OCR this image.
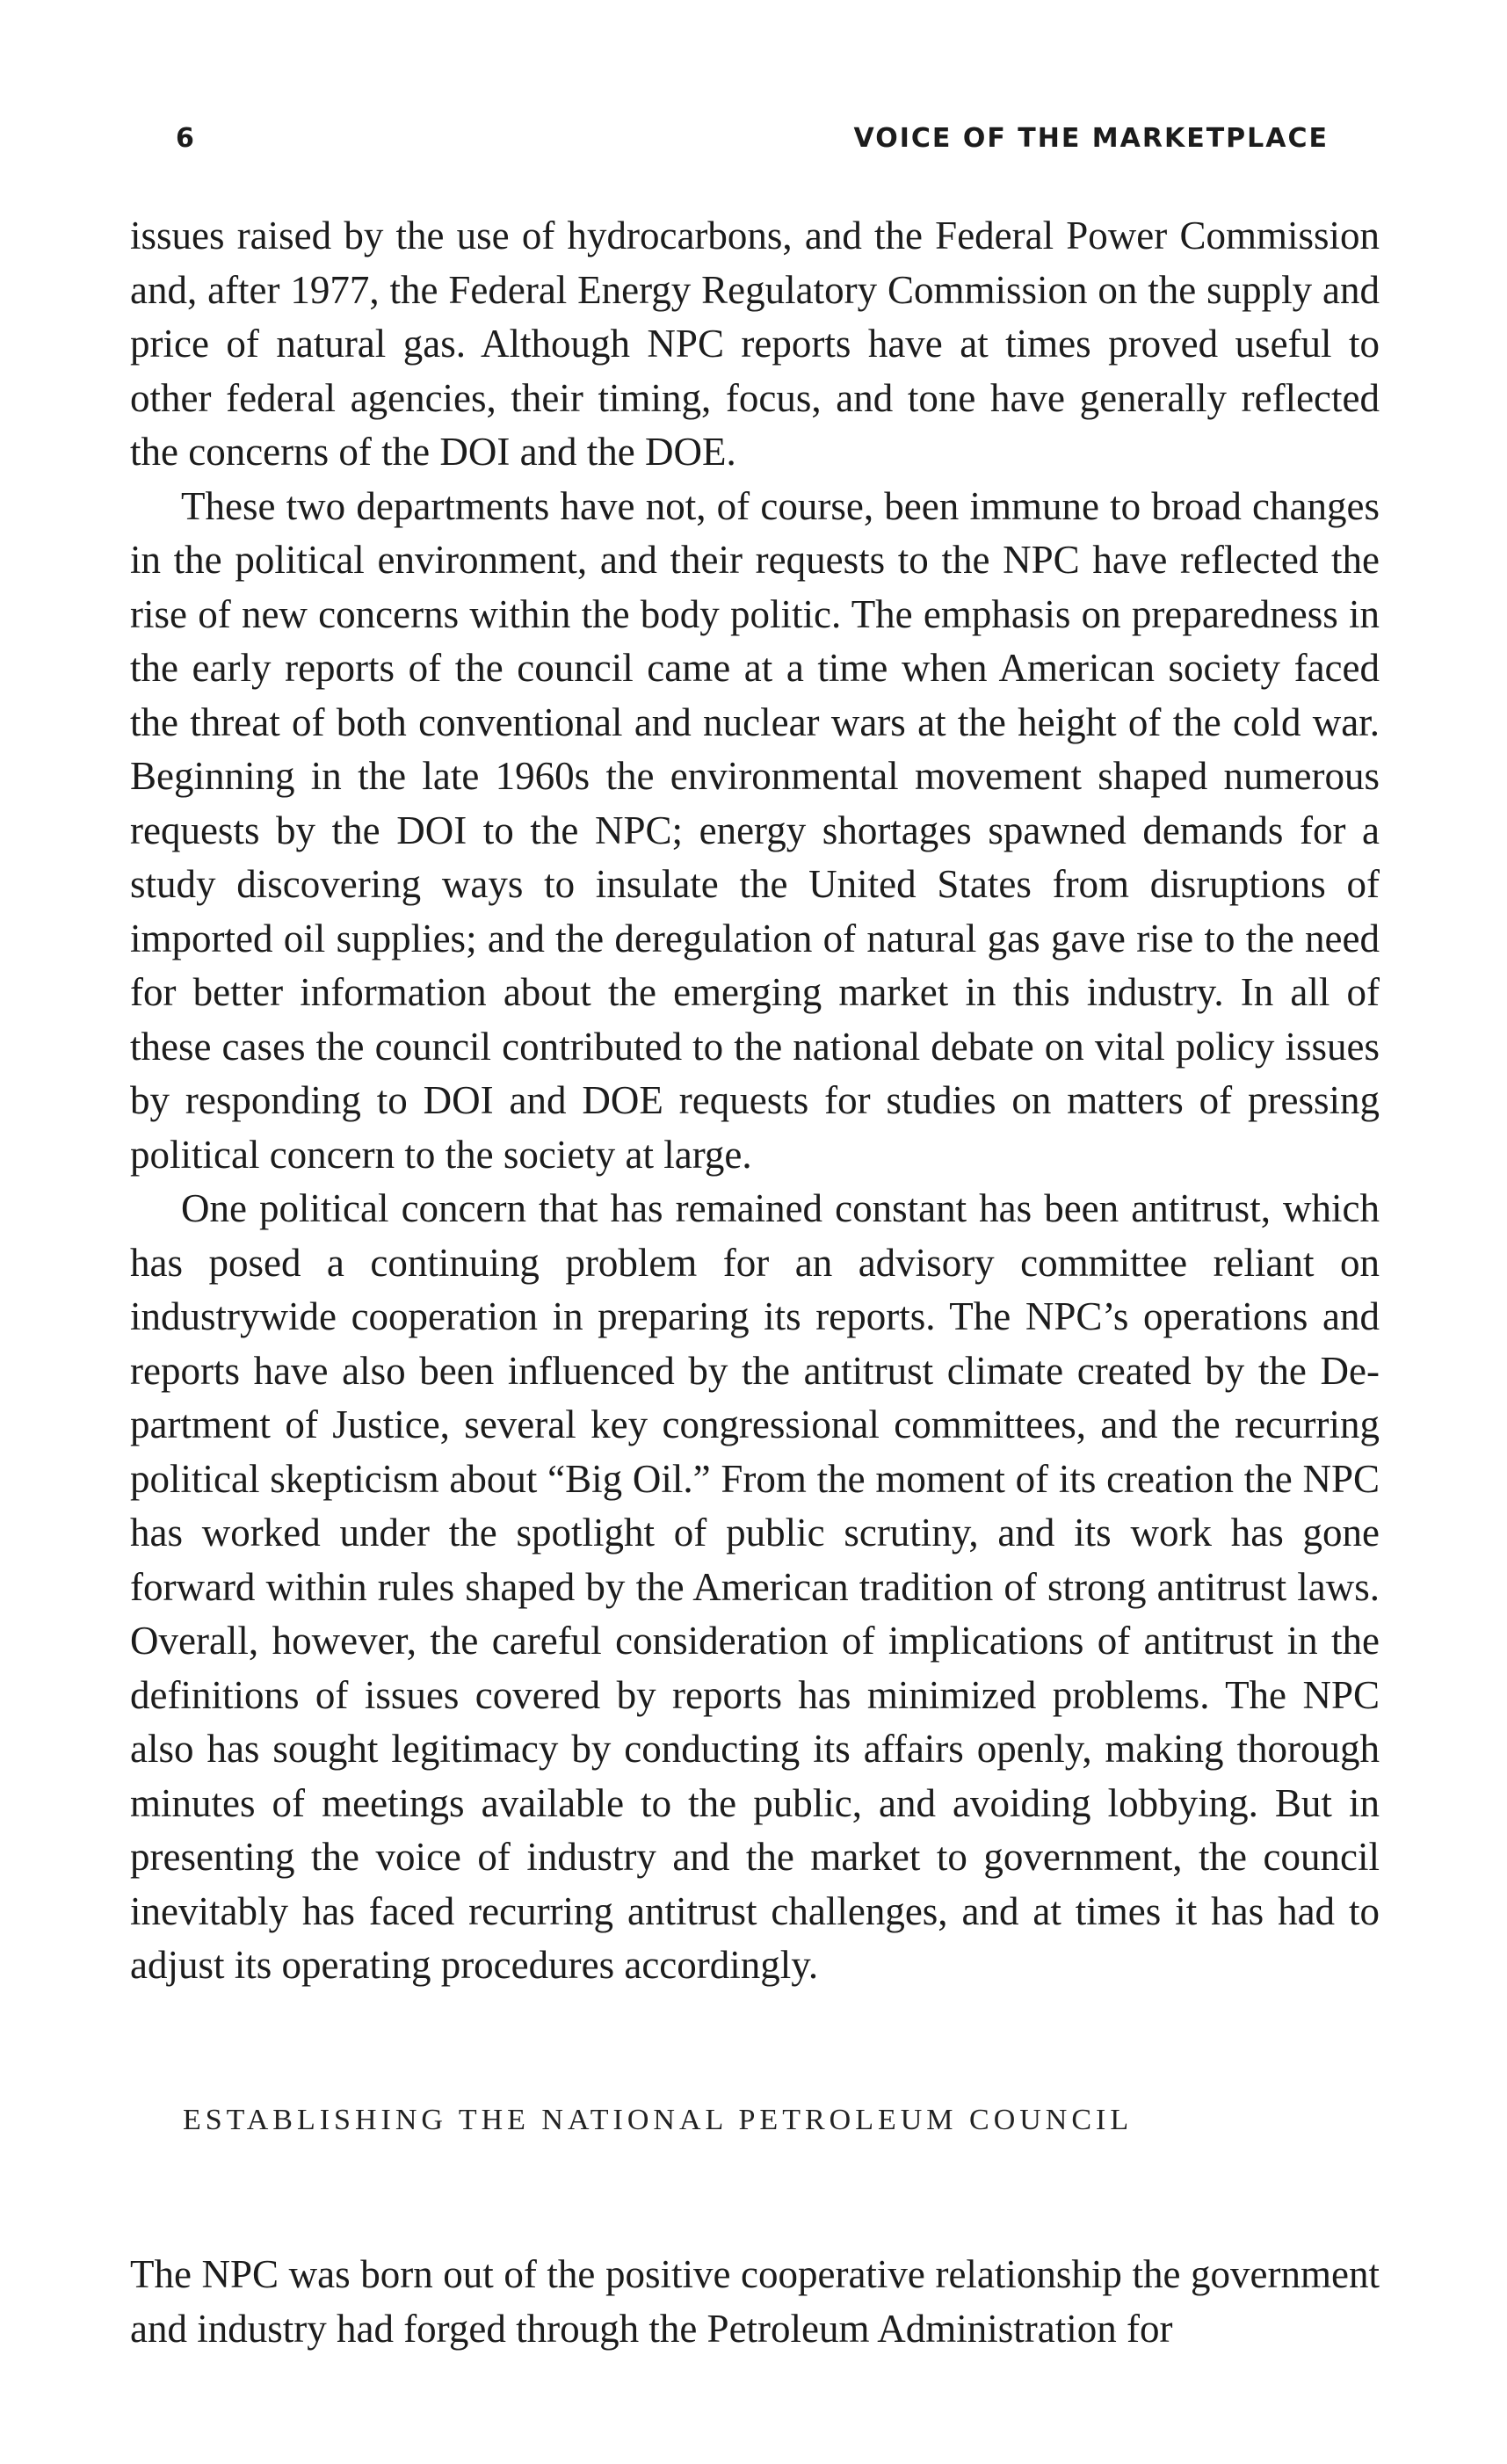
6	VOICE OF THE MARKETPLACE

issues raised by the use of hydrocarbons, and the Federal Power Commission and, after 1977, the Federal Energy Regulatory Commission on the supply and price of natural gas. Although NPC reports have at times proved useful to other federal agencies, their timing, focus, and tone have generally reflected the concerns of the DOI and the DOE.

These two departments have not, of course, been immune to broad changes in the political environment, and their requests to the NPC have reflected the rise of new concerns within the body politic. The emphasis on preparedness in the early reports of the council came at a time when American society faced the threat of both conventional and nuclear wars at the height of the cold war. Beginning in the late 1960s the environmental movement shaped numerous requests by the DOI to the NPC; energy shortages spawned demands for a study discovering ways to insulate the United States from disruptions of imported oil supplies; and the deregulation of natural gas gave rise to the need for better information about the emerging market in this industry. In all of these cases the council contributed to the national debate on vital policy issues by responding to DOI and DOE requests for studies on matters of pressing political concern to the society at large.

One political concern that has remained constant has been antitrust, which has posed a continuing problem for an advisory committee reliant on industrywide cooperation in preparing its reports. The NPC’s operations and reports have also been influenced by the antitrust climate created by the Department of Justice, several key congressional committees, and the recurring political skepticism about “Big Oil.” From the moment of its creation the NPC has worked under the spotlight of public scrutiny, and its work has gone forward within rules shaped by the American tradition of strong antitrust laws. Overall, however, the careful consideration of implications of antitrust in the definitions of issues covered by reports has minimized problems. The NPC also has sought legitimacy by conducting its affairs openly, making thorough minutes of meetings available to the public, and avoiding lobbying. But in presenting the voice of industry and the market to government, the council inevitably has faced recurring antitrust challenges, and at times it has had to adjust its operating procedures accordingly.

ESTABLISHING THE NATIONAL PETROLEUM COUNCIL

The NPC was born out of the positive cooperative relationship the government and industry had forged through the Petroleum Administration for
